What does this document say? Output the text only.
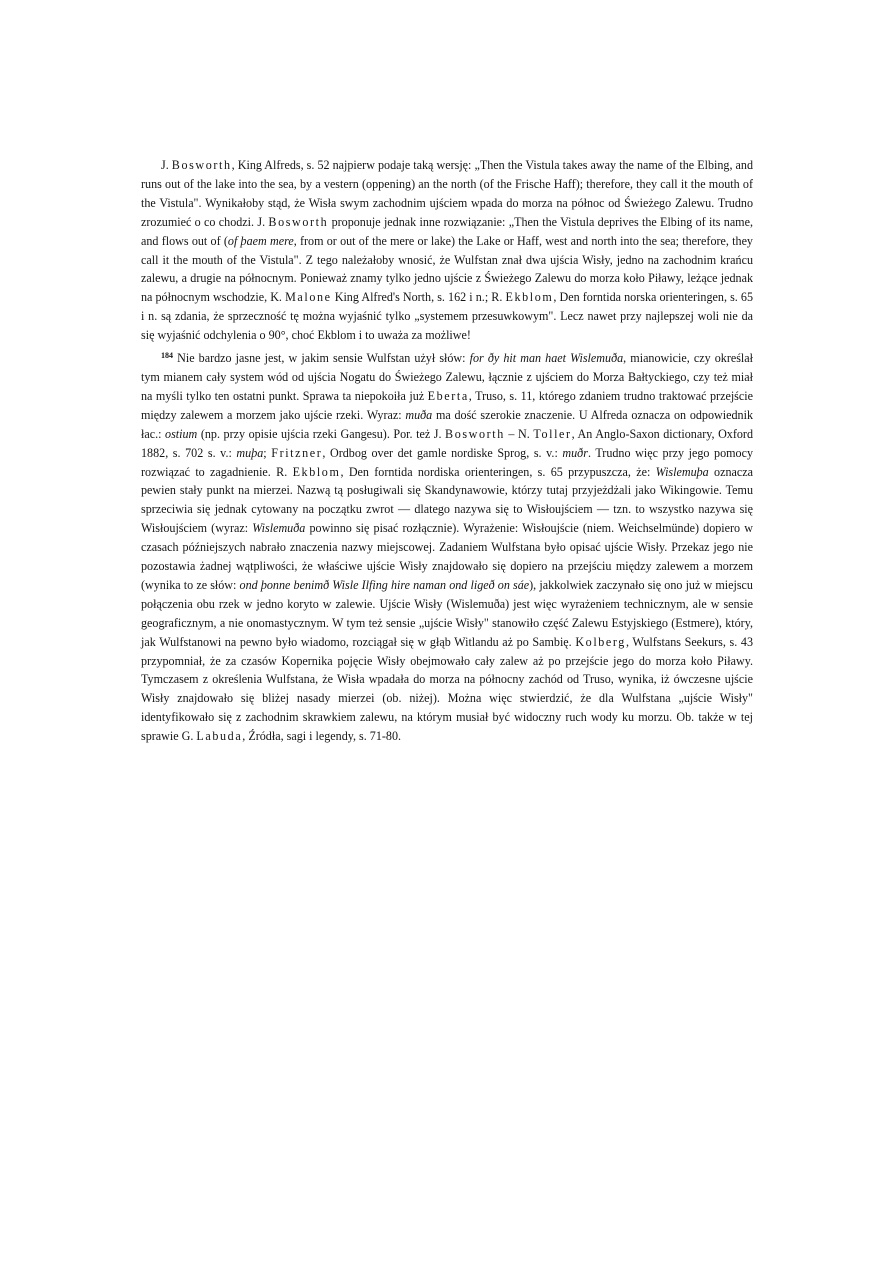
J. Bosworth, King Alfreds, s. 52 najpierw podaje taką wersję: „Then the Vistula takes away the name of the Elbing, and runs out of the lake into the sea, by a vestern (oppening) an the north (of the Frische Haff); therefore, they call it the mouth of the Vistula". Wynikałoby stąd, że Wisła swym zachodnim ujściem wpada do morza na północ od Świeżego Zalewu. Trudno zrozumieć o co chodzi. J. Bosworth proponuje jednak inne rozwiązanie: „Then the Vistula deprives the Elbing of its name, and flows out of (of þaem mere, from or out of the mere or lake) the Lake or Haff, west and north into the sea; therefore, they call it the mouth of the Vistula". Z tego należałoby wnosić, że Wulfstan znał dwa ujścia Wisły, jedno na zachodnim krańcu zalewu, a drugie na północnym. Ponieważ znamy tylko jedno ujście z Świeżego Zalewu do morza koło Piławy, leżące jednak na północnym wschodzie, K. Malone King Alfred's North, s. 162 i n.; R. Ekblom, Den forntida norska orienteringen, s. 65 i n. są zdania, że sprzeczność tę można wyjaśnić tylko „systemem przesuwkowym". Lecz nawet przy najlepszej woli nie da się wyjaśnić odchylenia o 90°, choć Ekblom i to uważa za możliwe!

$^{184}$ Nie bardzo jasne jest, w jakim sensie Wulfstan użył słów: for ðy hit man haet Wislemuða, mianowicie, czy określał tym mianem cały system wód od ujścia Nogatu do Świeżego Zalewu, łącznie z ujściem do Morza Bałtyckiego, czy też miał na myśli tylko ten ostatni punkt. Sprawa ta niepokoiła już Eberta, Truso, s. 11, którego zdaniem trudno traktować przejście między zalewem a morzem jako ujście rzeki. Wyraz: muða ma dość szerokie znaczenie. U Alfreda oznacza on odpowiednik łac.: ostium (np. przy opisie ujścia rzeki Gangesu). Por. też J. Bosworth – N. Toller, An Anglo-Saxon dictionary, Oxford 1882, s. 702 s. v.: muþa; Fritzner, Ordbog over det gamle nordiske Sprog, s. v.: muðr. Trudno więc przy jego pomocy rozwiązać to zagadnienie. R. Ekblom, Den forntida nordiska orienteringen, s. 65 przypuszcza, że: Wislemuþa oznacza pewien stały punkt na mierzei. Nazwą tą posługiwali się Skandynawowie, którzy tutaj przyjeżdżali jako Wikingowie. Temu sprzeciwia się jednak cytowany na początku zwrot — dlatego nazywa się to Wisłoujściem — tzn. to wszystko nazywa się Wisłoujściem (wyraz: Wislemuða powinno się pisać rozłącznie). Wyrażenie: Wisłoujście (niem. Weichselmünde) dopiero w czasach późniejszych nabrało znaczenia nazwy miejscowej. Zadaniem Wulfstana było opisać ujście Wisły. Przekaz jego nie pozostawia żadnej wątpliwości, że właściwe ujście Wisły znajdowało się dopiero na przejściu między zalewem a morzem (wynika to ze słów: ond þonne benimð Wisle Ilfing hire naman ond ligeð on sáe), jakkolwiek zaczynało się ono już w miejscu połączenia obu rzek w jedno koryto w zalewie. Ujście Wisły (Wislemuða) jest więc wyrażeniem technicznym, ale w sensie geograficznym, a nie onomastycznym. W tym też sensie „ujście Wisły" stanowiło część Zalewu Estyjskiego (Estmere), który, jak Wulfstanowi na pewno było wiadomo, rozciągał się w głąb Witlandu aż po Sambię. Kolberg, Wulfstans Seekurs, s. 43 przypomniał, że za czasów Kopernika pojęcie Wisły obejmowało cały zalew aż po przejście jego do morza koło Piławy. Tymczasem z określenia Wulfstana, że Wisła wpadała do morza na północny zachód od Truso, wynika, iż ówczesne ujście Wisły znajdowało się bliżej nasady mierzei (ob. niżej). Można więc stwierdzić, że dla Wulfstana „ujście Wisły" identyfikowało się z zachodnim skrawkiem zalewu, na którym musiał być widoczny ruch wody ku morzu. Ob. także w tej sprawie G. Labuda, Źródła, sagi i legendy, s. 71-80.
